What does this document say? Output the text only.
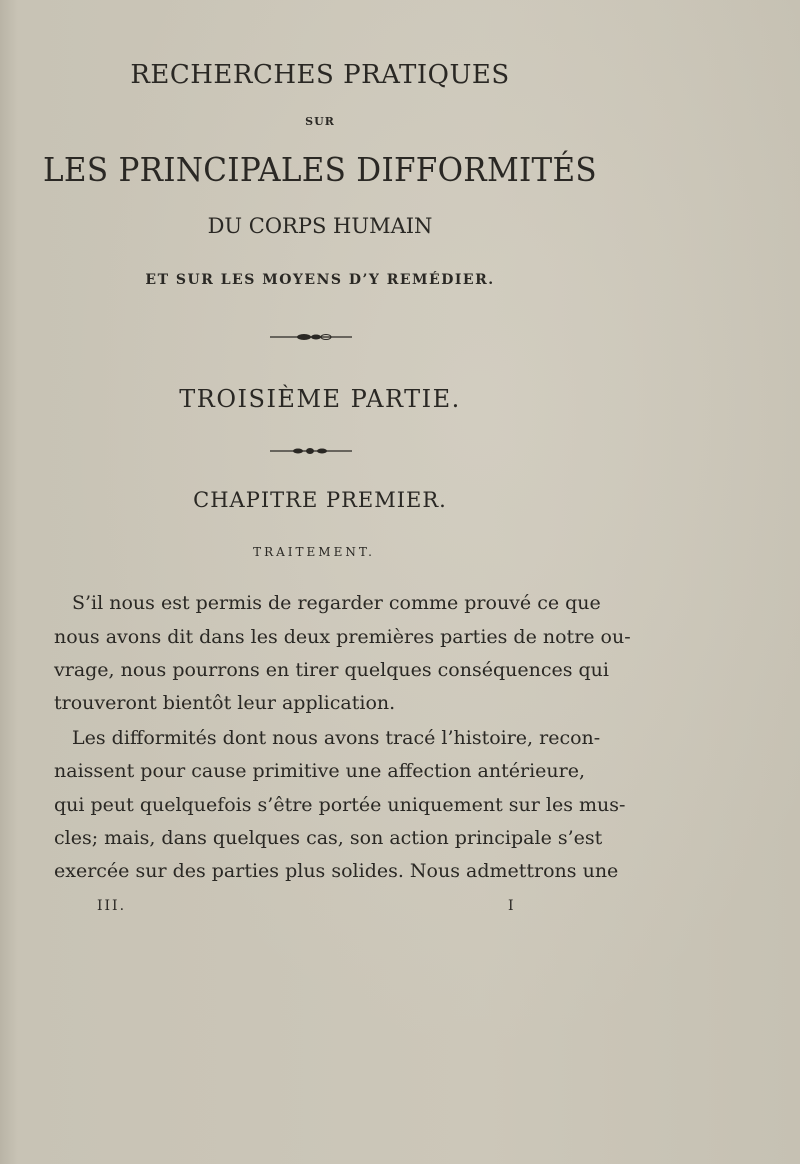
RECHERCHES PRATIQUES
SUR
LES PRINCIPALES DIFFORMITÉS
DU CORPS HUMAIN
ET SUR LES MOYENS D’Y REMÉDIER.
TROISIÈME PARTIE.
CHAPITRE PREMIER.
TRAITEMENT.
S’il nous est permis de regarder comme prouvé ce que
nous avons dit dans les deux premières parties de notre ou-
vrage, nous pourrons en tirer quelques conséquences qui
trouveront bientôt leur application.
Les difformités dont nous avons tracé l’histoire, recon-
naissent pour cause primitive une affection antérieure,
qui peut quelquefois s’être portée uniquement sur les mus-
cles; mais, dans quelques cas, son action principale s’est
exercée sur des parties plus solides. Nous admettrons une
III.	I
